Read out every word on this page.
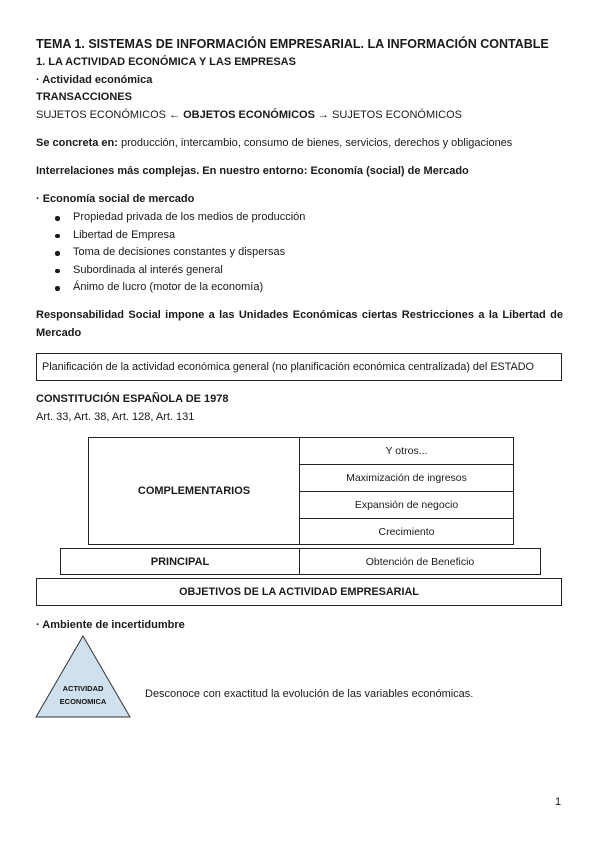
TEMA 1. SISTEMAS DE INFORMACIÓN EMPRESARIAL. LA INFORMACIÓN CONTABLE
1. LA ACTIVIDAD ECONÓMICA Y LAS EMPRESAS
· Actividad económica
TRANSACCIONES
SUJETOS ECONÓMICOS ← OBJETOS ECONÓMICOS → SUJETOS ECONÓMICOS
Se concreta en: producción, intercambio, consumo de bienes, servicios, derechos y obligaciones
Interrelaciones más complejas. En nuestro entorno: Economía (social) de Mercado
· Economía social de mercado
Propiedad privada de los medios de producción
Libertad de Empresa
Toma de decisiones constantes y dispersas
Subordinada al interés general
Ánimo de lucro (motor de la economía)
Responsabilidad Social impone a las Unidades Económicas ciertas Restricciones a la Libertad de
Mercado
Planificación de la actividad económica general (no planificación económica centralizada) del ESTADO
CONSTITUCIÓN ESPAÑOLA DE 1978
Art. 33, Art. 38, Art. 128, Art. 131
COMPLEMENTARIOS
Y otros...
Maximización de ingresos
Expansión de negocio
Crecimiento
PRINCIPAL	Obtención de Beneficio
OBJETIVOS DE LA ACTIVIDAD EMPRESARIAL
· Ambiente de incertidumbre
ACTIVIDAD
ECONOMICA
Desconoce con exactitud la evolución de las variables económicas.
1
